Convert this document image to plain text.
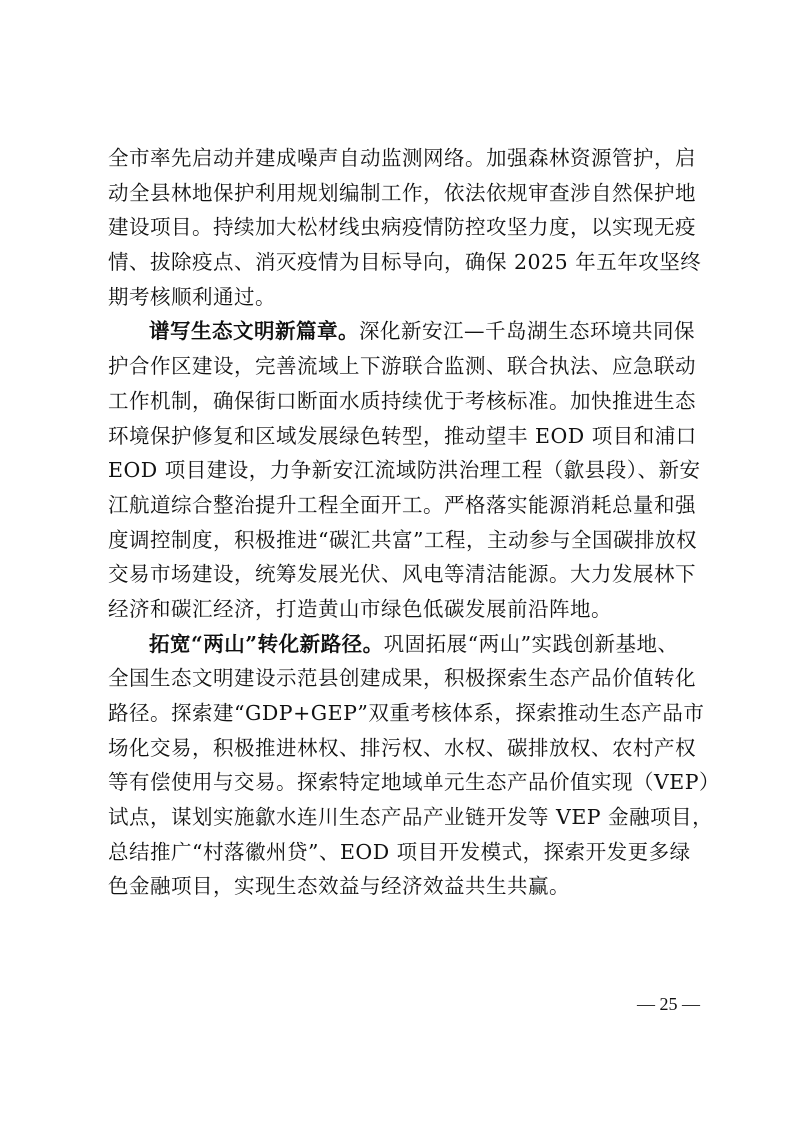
全市率先启动并建成噪声自动监测网络。加强森林资源管护，启
动全县林地保护利用规划编制工作，依法依规审查涉自然保护地
建设项目。持续加大松材线虫病疫情防控攻坚力度，以实现无疫
情、拔除疫点、消灭疫情为目标导向，确保 2025 年五年攻坚终
期考核顺利通过。
谱写生态文明新篇章。深化新安江—千岛湖生态环境共同保
护合作区建设，完善流域上下游联合监测、联合执法、应急联动
工作机制，确保街口断面水质持续优于考核标准。加快推进生态
环境保护修复和区域发展绿色转型，推动望丰 EOD 项目和浦口
EOD 项目建设，力争新安江流域防洪治理工程（歙县段）、新安
江航道综合整治提升工程全面开工。严格落实能源消耗总量和强
度调控制度，积极推进“碳汇共富”工程，主动参与全国碳排放权
交易市场建设，统筹发展光伏、风电等清洁能源。大力发展林下
经济和碳汇经济，打造黄山市绿色低碳发展前沿阵地。
拓宽“两山”转化新路径。巩固拓展“两山”实践创新基地、
全国生态文明建设示范县创建成果，积极探索生态产品价值转化
路径。探索建“GDP+GEP”双重考核体系，探索推动生态产品市
场化交易，积极推进林权、排污权、水权、碳排放权、农村产权
等有偿使用与交易。探索特定地域单元生态产品价值实现（VEP）
试点，谋划实施歙水连川生态产品产业链开发等 VEP 金融项目，
总结推广“村落徽州贷”、EOD 项目开发模式，探索开发更多绿
色金融项目，实现生态效益与经济效益共生共赢。
— 25 —
